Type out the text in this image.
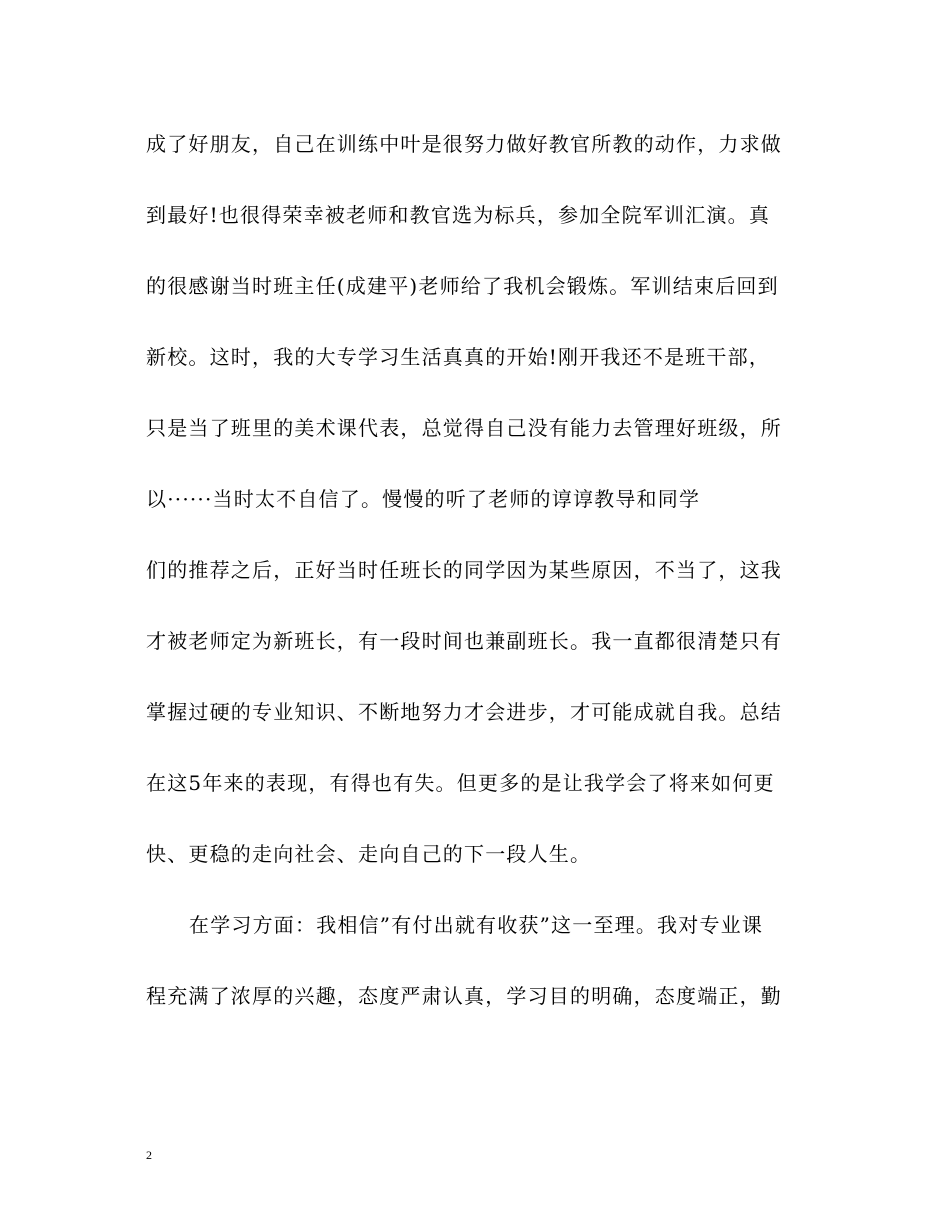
成了好朋友，自己在训练中叶是很努力做好教官所教的动作，力求做
到最好!也很得荣幸被老师和教官选为标兵，参加全院军训汇演。真
的很感谢当时班主任(成建平)老师给了我机会锻炼。军训结束后回到
新校。这时，我的大专学习生活真真的开始!刚开我还不是班干部，
只是当了班里的美术课代表，总觉得自己没有能力去管理好班级，所
以······当时太不自信了。慢慢的听了老师的谆谆教导和同学
们的推荐之后，正好当时任班长的同学因为某些原因，不当了，这我
才被老师定为新班长，有一段时间也兼副班长。我一直都很清楚只有
掌握过硬的专业知识、不断地努力才会进步，才可能成就自我。总结
在这5年来的表现，有得也有失。但更多的是让我学会了将来如何更
快、更稳的走向社会、走向自己的下一段人生。
在学习方面：我相信”有付出就有收获”这一至理。我对专业课
程充满了浓厚的兴趣，态度严肃认真，学习目的明确，态度端正，勤
2
